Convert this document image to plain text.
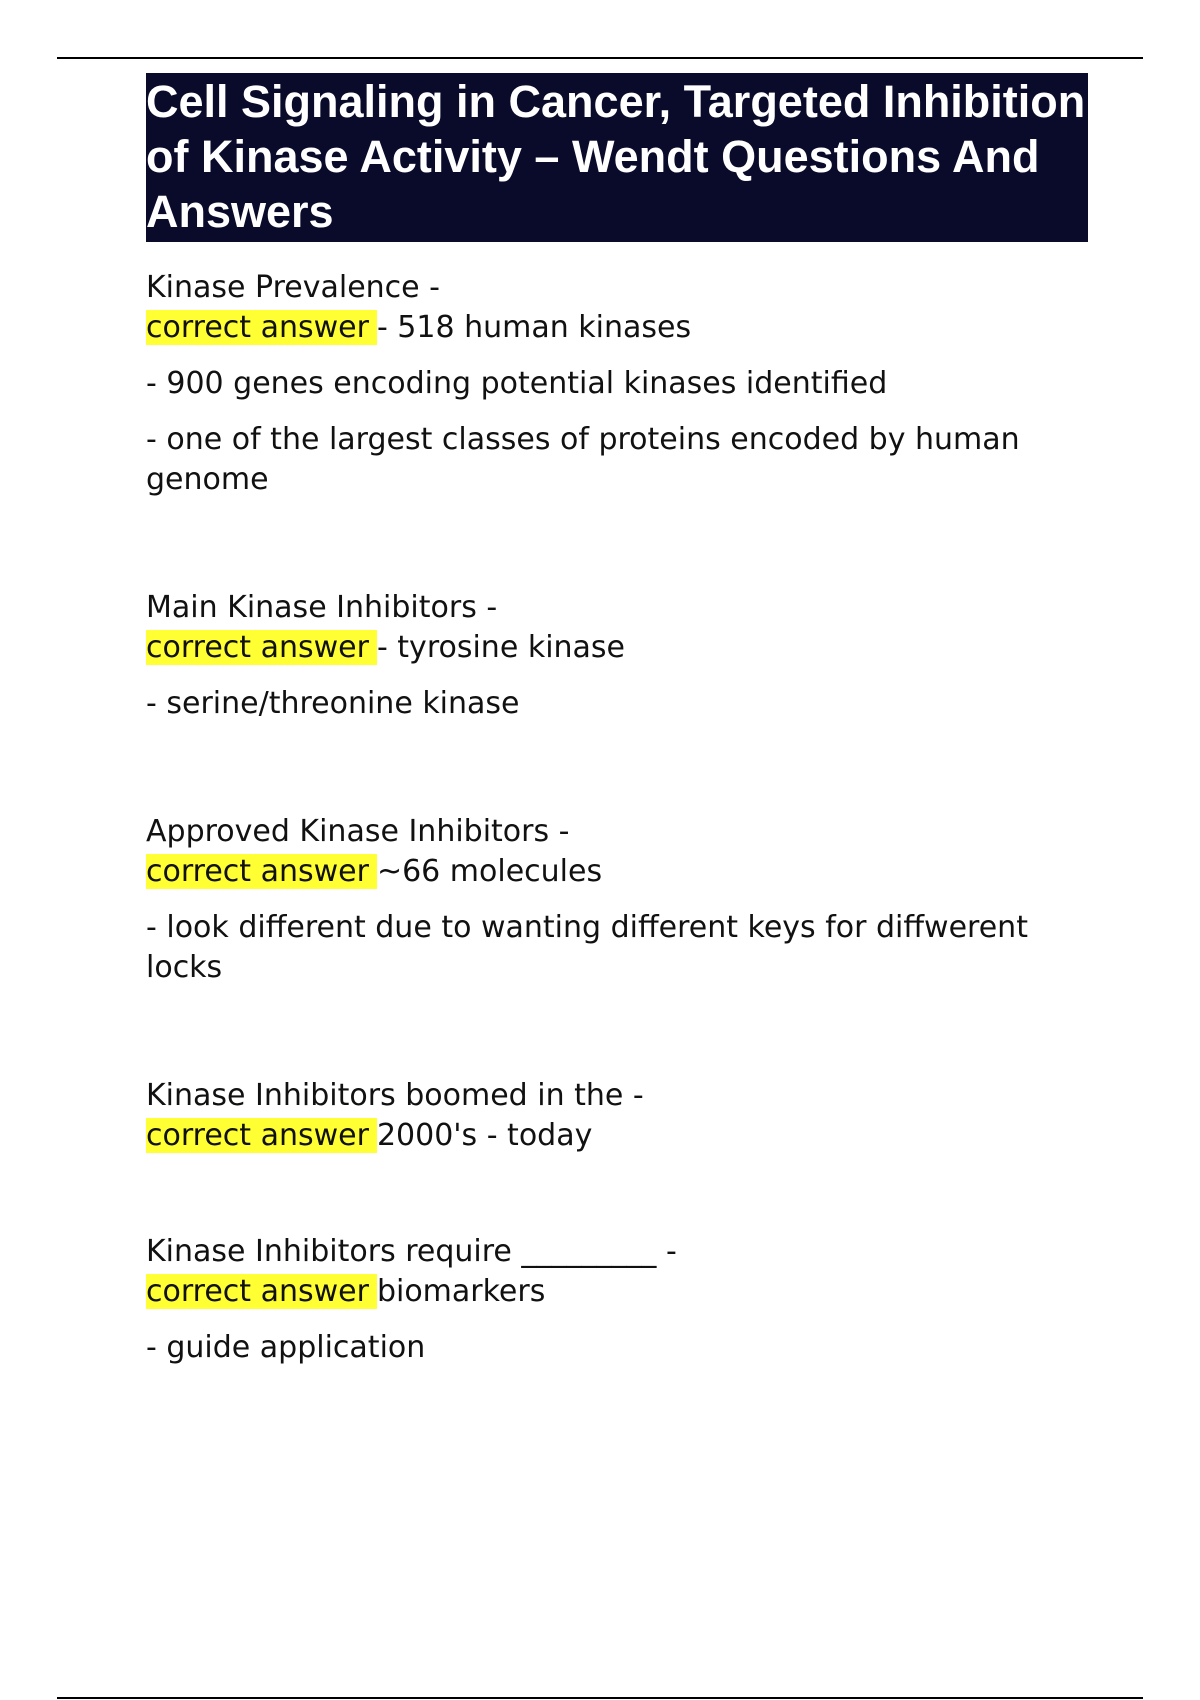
Cell Signaling in Cancer, Targeted Inhibition of Kinase Activity – Wendt Questions And Answers
Kinase Prevalence -
correct answer - 518 human kinases
- 900 genes encoding potential kinases identified
- one of the largest classes of proteins encoded by human genome
Main Kinase Inhibitors -
correct answer - tyrosine kinase
- serine/threonine kinase
Approved Kinase Inhibitors -
correct answer ~66 molecules
- look different due to wanting different keys for diffwerent locks
Kinase Inhibitors boomed in the -
correct answer 2000's - today
Kinase Inhibitors require _________ -
correct answer biomarkers
- guide application
